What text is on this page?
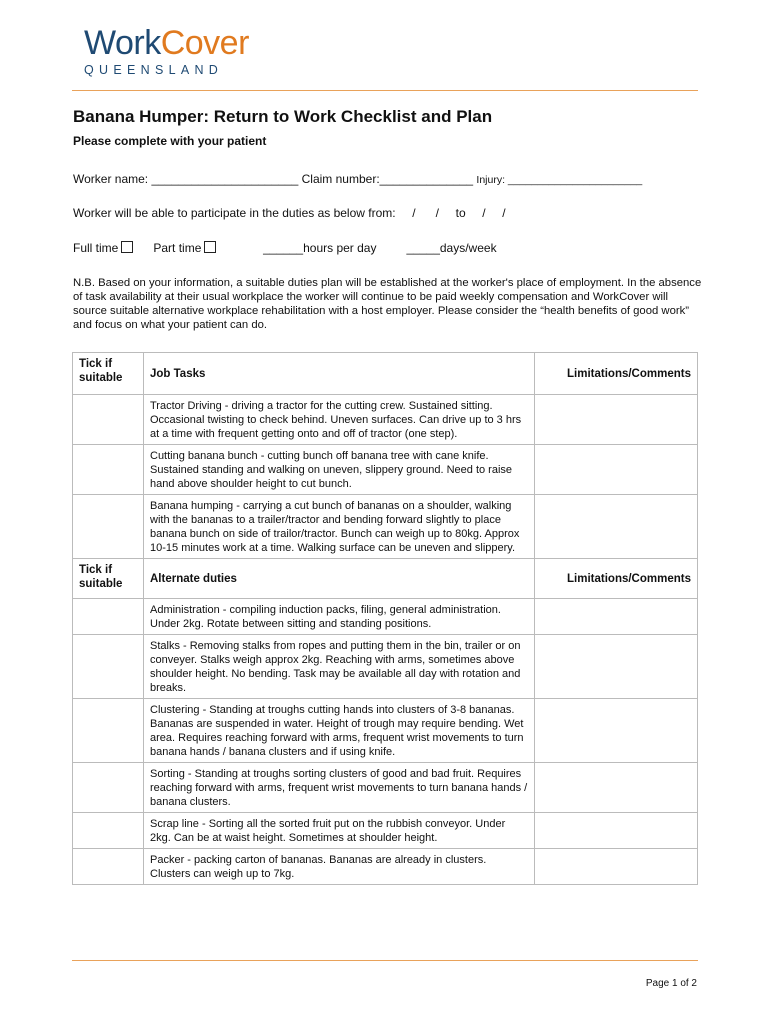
WorkCover
QUEENSLAND
Banana Humper: Return to Work Checklist and Plan
Please complete with your patient
Worker name: ______________________ Claim number:______________ Injury: _______________________
Worker will be able to participate in the duties as below from:     /      /     to     /     /
Full time	Part time	______hours per day	_____days/week
N.B. Based on your information, a suitable duties plan will be established at the worker's place of employment. In the absence of task availability at their usual workplace the worker will continue to be paid weekly compensation and WorkCover will source suitable alternative workplace rehabilitation with a host employer. Please consider the “health benefits of good work” and focus on what your patient can do.
Tick if suitable	Job Tasks	Limitations/Comments
	Tractor Driving - driving a tractor for the cutting crew. Sustained sitting. Occasional twisting to check behind. Uneven surfaces. Can drive up to 3 hrs at a time with frequent getting onto and off of tractor (one step).	
	Cutting banana bunch - cutting bunch off banana tree with cane knife. Sustained standing and walking on uneven, slippery ground. Need to raise hand above shoulder height to cut bunch.	
	Banana humping - carrying a cut bunch of bananas on a shoulder, walking with the bananas to a trailer/tractor and bending forward slightly to place banana bunch on side of trailor/tractor. Bunch can weigh up to 80kg. Approx 10-15 minutes work at a time. Walking surface can be uneven and slippery.	
Tick if suitable	Alternate duties	Limitations/Comments
	Administration - compiling induction packs, filing, general administration. Under 2kg. Rotate between sitting and standing positions.	
	Stalks - Removing stalks from ropes and putting them in the bin, trailer or on conveyer. Stalks weigh approx 2kg. Reaching with arms, sometimes above shoulder height. No bending. Task may be available all day with rotation and breaks.	
	Clustering - Standing at troughs cutting hands into clusters of 3-8 bananas. Bananas are suspended in water. Height of trough may require bending. Wet area. Requires reaching forward with arms, frequent wrist movements to turn banana hands / banana clusters and if using knife.	
	Sorting - Standing at troughs sorting clusters of good and bad fruit. Requires reaching forward with arms, frequent wrist movements to turn banana hands / banana clusters.	
	Scrap line - Sorting all the sorted fruit put on the rubbish conveyor. Under 2kg. Can be at waist height. Sometimes at shoulder height.	
	Packer - packing carton of bananas. Bananas are already in clusters. Clusters can weigh up to 7kg.	
Page 1 of 2
